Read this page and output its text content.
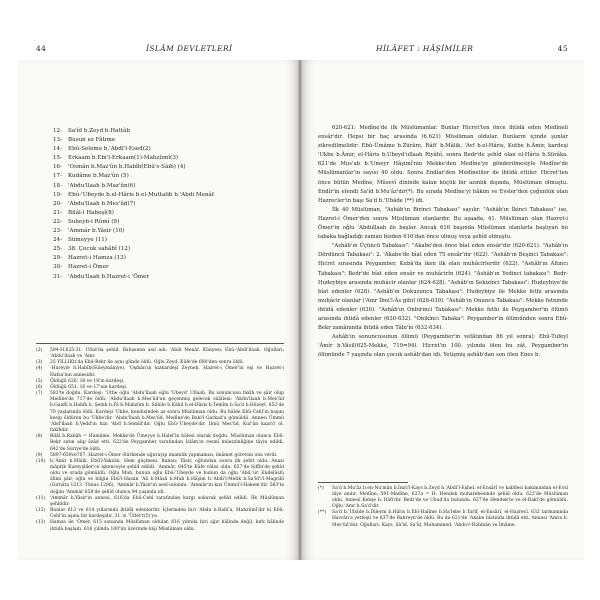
44	İSLÂM DEVLETLERİ	HİLÂFET : HÂŞİMİLER	45
12-	Sa'îd b.Zeyd b.Hattâb
13-	Busun ez Fâtıme
14-	Ebû-Seleme b.'Abdi'l-Esed(2)
15-	Erkaam b.Ebi'l-Erkaam(1)-Mahzûmî(3)
16-	'Osmân b.Maz'ûn b.Habîb(Ebû's-Sâib) (4)
17-	Kudâme b.Maz'ûn (5)
18-	'Abdu'llaah b.Maz'ûn(6)
19-	Ebû-'Ubeyde b.el-Hâris b.el-Muttalib b.'Abdi Menâf
20-	'Abdu'llaah b.Mes'ûd(7)
21-	Bilâl-i Habeşî(8)
22-	Suheyb-i Rûmî (9)
23-	'Ammâr b.Yâsir (10)
24-	Sümeyye (11)
25-	38. Çocuk sahâbî (12)
29-	Hazret-i Hamza (13)
30-	Hazret-i Ömer
31-	'Abdu'llaah b.Hazret-i 'Ömer
(2)	594-H.625-31. Ufud'da şehîd. Babasının asıl adı: 'Abdi Menâf. Künyesi: Ebû-'Abdi'llaah. Oğulları: 'Abdu'llaah ve 'Amr.
(3)	25 YILLIKtı'da Ebû-Bekr ile aynı günde öldü. Oğlu Zeyd, Küfe'de 680'den sonra öldü.
(4)	-Hureyle b.Habîb(Süleymâniye). 'Oşmân'ın kızkardeşi Zeyneb, Hazret-i Ömer'in eşi ve Hazret-i Hafsa'nın annesidir.
(5)	Öldüğü 626. 16 ve 18'in kardeşi.
(6)	Öldüğü 651. 16 ve 17'nin kardeşi.
(7)	583'te doğdu. Kardeşi: 'Utbe oğlu 'Abdu'llaah oğlu 'Ubeyd' Ullaah. Bu sonuncusu fakîh ve şâir olup Medîne'de 717'de öldü. 'Abdu'llaah b.Mes'ûd'un geçenmiş gelecek sülâlesi: 'Abdu'llaah b.Mes'ûd b.Gaafil b.Habîb b. Şemh b.Fâ b.Mahzûm b. Sâhile b.Kâhil b.el-Hâris b.Temîm b.Sa'd b.Hüzeyl. 652'de 70 yaşlarında öldü. Kardeşi 'Ukbe, kendisinden az sonra Müslüman oldu. Bu hâlde Ebû-Cehl'in başını kesip öldüren bu 'Ukbe'dir. 'Abdu'llaah b.Mes'ûd, Medîne'de Baki'l-Garkad'a gömüldü. Annesi Ümmü 'Abd'llaah b.Vedd'in kızı 'Abd b.Semîd'dir. Oğlu Ebû-'Ubeyde'dir. İbnü Mes'ûd, Kur'ân kaari'i ol. fakîhdir.
(8)	Bilâl b.Rabâh = Hamâme. Mekke'de Ümeyye b.Halef'in kölesi olarak doğdu. Müslüman olunca Ebû-Bekr satın alıp âzâd etti. 622'de Peygamber tarafından İslâm'ın resmî müezzinliğine tâyin edildi. 642'de Suriye'de öldü.
(9)	5897-659ve707. Hazret-i Ömer ölürkende uğurayıp imamlık yapmamızı, imâmet görevini ona verdi.
(10)	b.'Âmir b.Mâlik. Ebû'l-Yakzân. Hem güçmeni. Baban: Yâsir, oğlundan sonra ilk şehit oldu. Anası mâprik Kureyşliler'ce işkenceyle şehîd edildi. 'Ammâr, 645'te Kûfe vâlisi oldu. 657'de Sıffîn'de şehîd oldu ve orada gömüldü. Oğlu Muh. bunun oğlu Ebû-'Ubeyde ve bunun da oğlu 'Abd.'ur. Endelûslü âlimi şâir, oğlu ve bilgin Ebû'l-Hasan 'Ali b.Mâsâ b.Muh b.Hâşim b.'Abdi'l-Melik b.Sa'îd'i'l-Magribî (Gırnâta 1213 -Tûnus 1286), 'Ammâr b.Yâsir'in nesl-iulundu. 'Ammâr'ın kızı Ümmü'l-Hakem'dir. 563'te doğan 'Ammâr 658'de şehîd olunca 94 yaşında idi.
(11)	'Ammâr b.Yâsir'in annesi. 616'da Ebû-Cehl tarafından kargı sokarak şehîd edildi. İlk Müslüman şehîddir.
(12)	Bunlar 613 ve 614 yıllarında ihtidâ edenlerdir. İçlerinden biri 'Abdu b.Rabî'a, Mahzûmî'dir ki Ebû-Cehl'in aşına bir kardeşidir. 31.'si 'Ülfet'r(5)'ye.
(13)	Hamza ile 'Ömer, 615 sonunda Müslüman oldular. 616 yılında biri ağır hâlinde değil, kırk hâlinde ihtidâ başladı. 616 yılında 100'ün üzerinde kişi Müslüman oldu.

620-621: Medîne'de ilk Müslümanlar. Bunlar Hicret'ten önce ihtidâ eden Medîneli ensâr'dır. Hepsi bir haç arasında (6.621) Müslüman oldular. Bunların içinde şunlar zikredilmelidir: Ebû-Ümâme b.Zürâre, Râfi' b.Mâlik, 'Avf b.el-Hâris, Kutbe b.Âmir, kardeşi 'Ukbe b.Âmir, el-Hâris b.Ubeyd'ullaah Riyâhî, sonra Bedr'de şehîd olan el-Hâris b.Sürâka. 621'de Mus'ab b.'Umeyr Hâşimî'nin Mekke'den Medîne'ye gönderilmesiyle Medîne'de Müslümanlar'ın sayısı 40 oldu. Sonra Endîar'den Medîneliler de ihtidâ ettiler. Hicret'ten önce bütün Medîne, Mûsevî dininde kalan küçük bir azınlık dışında, Müslüman olmuştu. Endîr'in efendi Sa'îd b.Mu'âz'dır(*). Bu sırada Medîne'yi hâkim ve Evsler'den çoğunluk olan Hazrecler'in başı Sa'd b.'Ubâde (**) idi.

İlk 40 Müslüman, "Ashâb'ın Birinci Tabakası" sayılır. "Ashâb'ın İkinci Tabakası" ise, Hazret-i Ömer'den sonra Müslüman olanlardır. Bu aşaada, 41. Müslüman olan Hazret-i Ömer'in oğlu 'Abdullaah ile başlar. Ancak 616 başında Müslüman olanlarla başlıyan bu tabaka bağladığı zaman bizden 616'dan önce olmuş veya şehîd olmuştu.

"Ashâb'ın Üçüncü Tabakası": "Akabe'den önce bîat eden ensâr'dır (620-621). "Ashâb'ın Dördüncü Tabakası": 2. 'Akabe'de bîat eden 75 ensâr'dır (622). "Ashâb'ın Beşinci Tabakası": Hicret sırasında Peygamber, Kubâ'da iken ilk olan muhâcirlerdir (622). "Ashâb'ın Altıncı Tabakası": Bedr'de bîat eden ensâr ve muhâcirîn (624). "Ashâb'ın Yedinci tabakası": Bedr-Hudeybiye arasında muhâcir olanlar (624-628). "Ashâb'ın Sekizinci Tabakası": Hudeybiye'de bîat edenler (628). "Ashâb'ın Dokuzuncu Tabakası": Hudeybiye ile Mekke fethi arasında muhâcir olanlar ('Amr İbni'l-Âs gibi) (628-630). "Ashâb'ın Onuncu Tabakası": Mekke fetninde ihtidâ edenler (630). "Ashâb'ın Onbirinci Tabakası": Mekke fethi ile Peygamber'in ölümü arasında ihtidâ edenler (630-632). "Onikinci Tabaka": Peygamber'in ölümünden sonra Ebû-Bekr zamânında ihtidâ eden Tâbi'în (632-634).

Ashâb'ın sonuncusunun ölümü (Peygamber'in vefâtından 86 yıl sonra): Ebû-Tufeyl 'Âmir b.Vâsil(625-Mekke, 719=94). Hicret'in 100. yılında ölen bu zât, Peygamber'in ölümünde 7 yaşında olan çocuk ashâb'dan idi. Yetişmiş ashâb'dan son ölen Enes b.

(*)	Sa'd b.Mu'âz b.en-Nu'mân b.İmri'l-Kays b.Zeyd b.'Abdi'l-Eşhel, el-Ensârî ve kabîlesi bakımından el-Evsî diye anılır. Medîne, 591-Medîne, 627a = H. Hendek muharebesinde şehîd oldu. 622'de Müslüman oldu. Annesi Kebşe b. Râfi'dir. Bedr'de ve Uhud'da bulundu. 627'de Hendek'te ve el-Bakî'de gömüldü. Oğlu 'Amr b.Sa'd'dir.
(**)	Sa'd b.'Ubâde b.Dileym b.Hâris b.Ebî-Halîme b.Ha'lebe b.Tarîf, el-Ensârî, el-Hazrecî. 632 tarmanında Havrân'a yerleşti ve 637'de Bahreyn'de öldü. Bu da 621'de 'Akabe bîatında ihtidâ etti. Annesi 'Amra b. Mes'ûd'dur. Oğulları: Kays, Sâ'îd, Sa'îd, Muhammed, 'Abdu'r-Rahmân ve İmâme.
